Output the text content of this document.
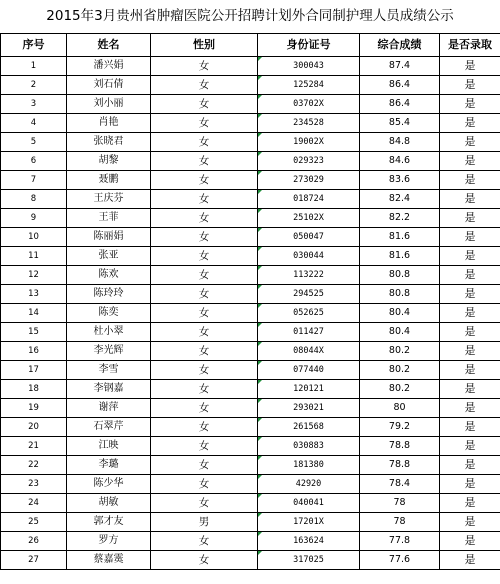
2015年3月贵州省肿瘤医院公开招聘计划外合同制护理人员成绩公示
序号	姓名	性别	身份证号	综合成绩	是否录取
1	潘兴娟	女	300043	87.4	是
2	刘石倩	女	125284	86.4	是
3	刘小丽	女	03702X	86.4	是
4	肖艳	女	234528	85.4	是
5	张晓君	女	19002X	84.8	是
6	胡黎	女	029323	84.6	是
7	聂鹏	女	273029	83.6	是
8	王庆芬	女	018724	82.4	是
9	王菲	女	25102X	82.2	是
10	陈丽娟	女	050047	81.6	是
11	张亚	女	030044	81.6	是
12	陈欢	女	113222	80.8	是
13	陈玲玲	女	294525	80.8	是
14	陈奕	女	052625	80.4	是
15	杜小翠	女	011427	80.4	是
16	李光辉	女	08044X	80.2	是
17	李雪	女	077440	80.2	是
18	李钢嘉	女	120121	80.2	是
19	谢萍	女	293021	80	是
20	石翠芹	女	261568	79.2	是
21	江映	女	030883	78.8	是
22	李璐	女	181380	78.8	是
23	陈少华	女	42920	78.4	是
24	胡敏	女	040041	78	是
25	郭才友	男	17201X	78	是
26	罗方	女	163624	77.8	是
27	蔡嘉霙	女	317025	77.6	是
